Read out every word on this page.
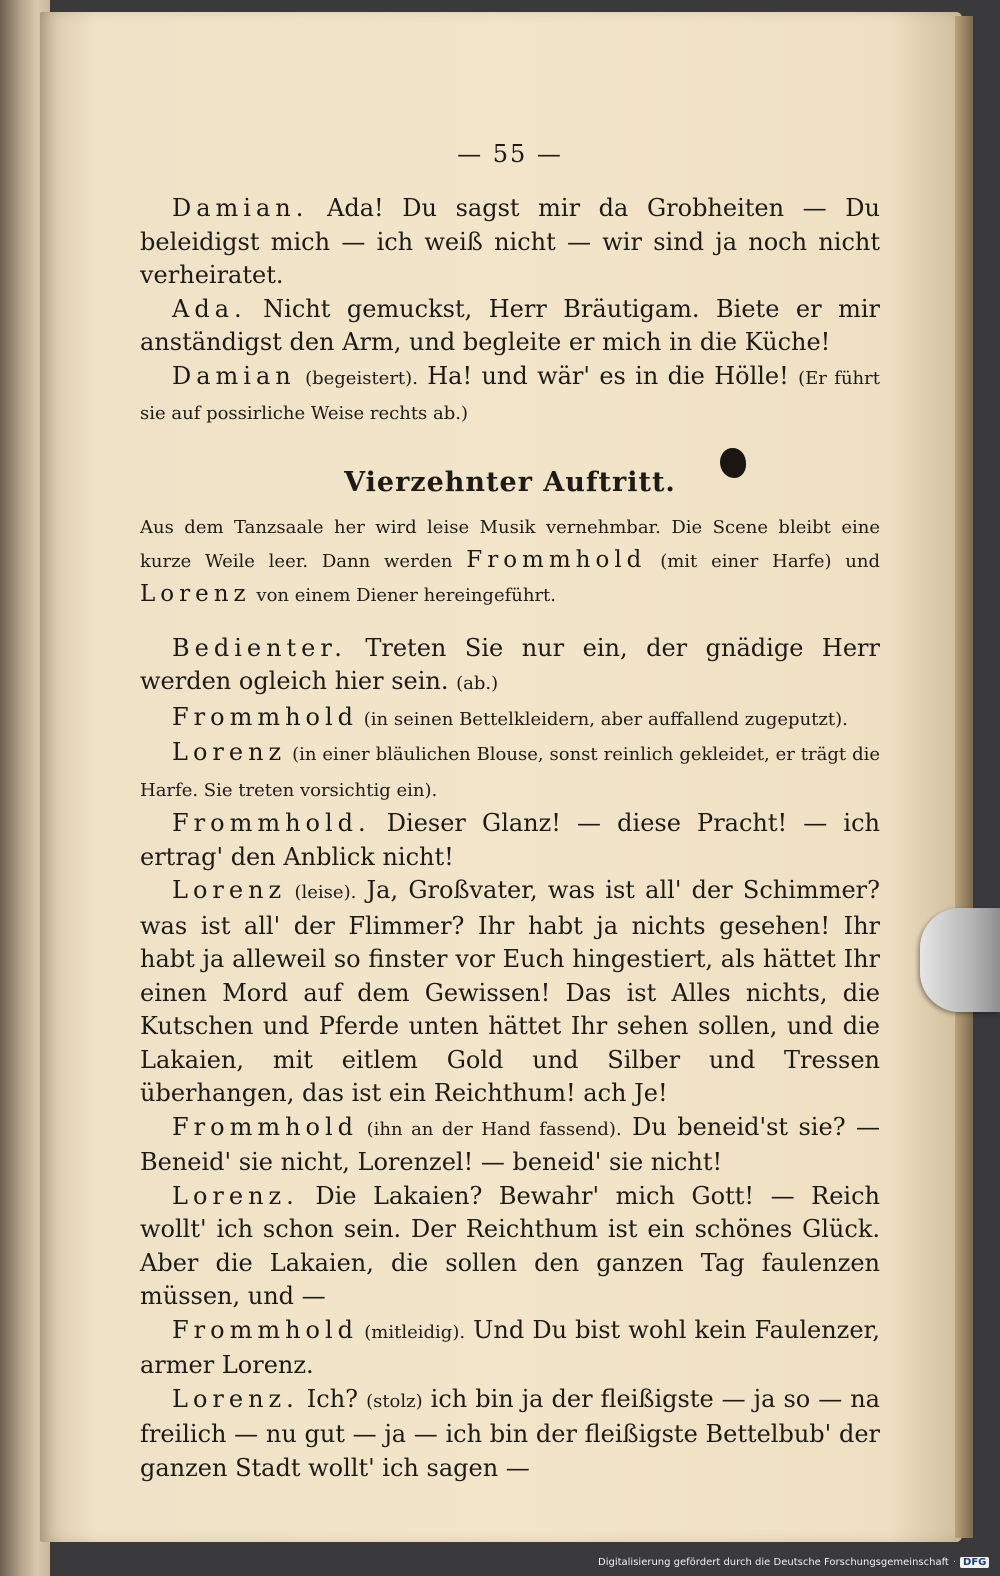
— 55 —

Damian. Ada! Du sagst mir da Grobheiten — Du beleidigst mich — ich weiß nicht — wir sind ja noch nicht verheiratet.

Ada. Nicht gemuckst, Herr Bräutigam. Biete er mir anständigst den Arm, und begleite er mich in die Küche!

Damian (begeistert). Ha! und wär' es in die Hölle! (Er führt sie auf possirliche Weise rechts ab.)

Vierzehnter Auftritt.

Aus dem Tanzsaale her wird leise Musik vernehmbar. Die Scene bleibt eine kurze Weile leer. Dann werden Frommhold (mit einer Harfe) und Lorenz von einem Diener hereingeführt.

Bedienter. Treten Sie nur ein, der gnädige Herr werden ogleich hier sein. (ab.)

Frommhold (in seinen Bettelkleidern, aber auffallend zugeputzt).

Lorenz (in einer bläulichen Blouse, sonst reinlich gekleidet, er trägt die Harfe. Sie treten vorsichtig ein).

Frommhold. Dieser Glanz! — diese Pracht! — ich ertrag' den Anblick nicht!

Lorenz (leise). Ja, Großvater, was ist all' der Schimmer? was ist all' der Flimmer? Ihr habt ja nichts gesehen! Ihr habt ja alleweil so finster vor Euch hingestiert, als hättet Ihr einen Mord auf dem Gewissen! Das ist Alles nichts, die Kutschen und Pferde unten hättet Ihr sehen sollen, und die Lakaien, mit eitlem Gold und Silber und Tressen überhangen, das ist ein Reichthum! ach Je!

Frommhold (ihn an der Hand fassend). Du beneid'st sie? — Beneid' sie nicht, Lorenzel! — beneid' sie nicht!

Lorenz. Die Lakaien? Bewahr' mich Gott! — Reich wollt' ich schon sein. Der Reichthum ist ein schönes Glück. Aber die Lakaien, die sollen den ganzen Tag faulenzen müssen, und —

Frommhold (mitleidig). Und Du bist wohl kein Faulenzer, armer Lorenz.

Lorenz. Ich? (stolz) ich bin ja der fleißigste — ja so — na freilich — nu gut — ja — ich bin der fleißigste Bettelbub' der ganzen Stadt wollt' ich sagen —

Digitalisierung gefördert durch die Deutsche Forschungsgemeinschaft · DFG
